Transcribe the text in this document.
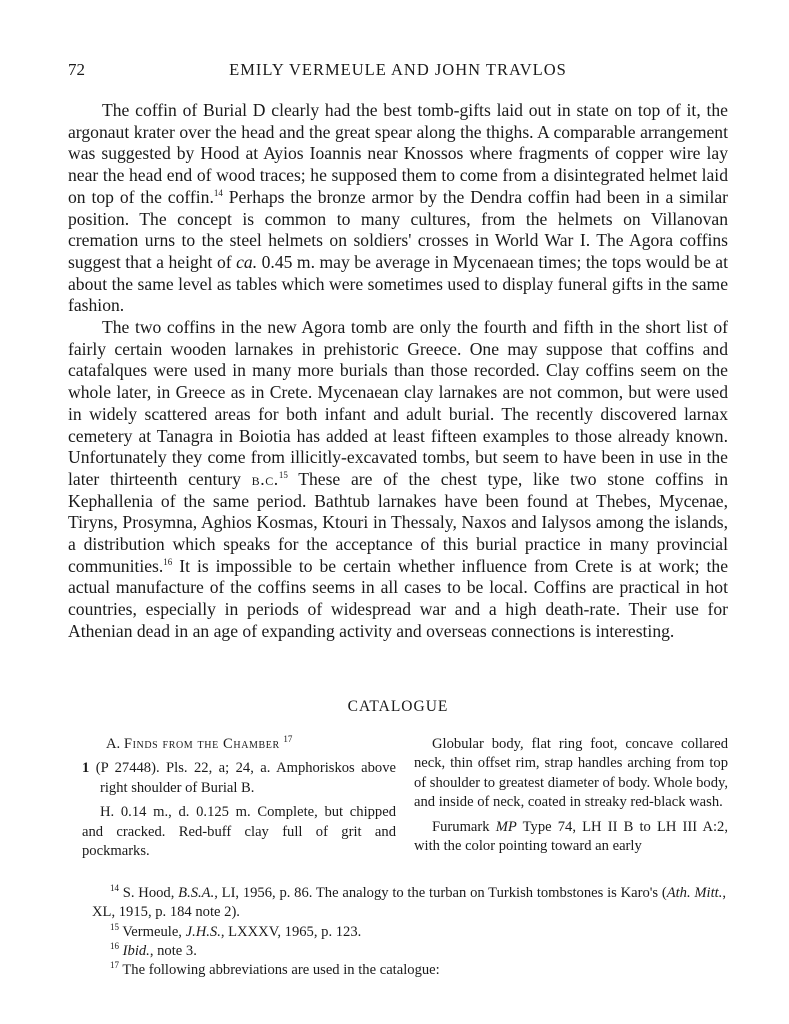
72	EMILY VERMEULE AND JOHN TRAVLOS

The coffin of Burial D clearly had the best tomb-gifts laid out in state on top of it, the argonaut krater over the head and the great spear along the thighs. A comparable arrangement was suggested by Hood at Ayios Ioannis near Knossos where fragments of copper wire lay near the head end of wood traces; he supposed them to come from a disintegrated helmet laid on top of the coffin.$^{14}$ Perhaps the bronze armor by the Dendra coffin had been in a similar position. The concept is common to many cultures, from the helmets on Villanovan cremation urns to the steel helmets on soldiers' crosses in World War I. The Agora coffins suggest that a height of ca. 0.45 m. may be average in Mycenaean times; the tops would be at about the same level as tables which were sometimes used to display funeral gifts in the same fashion.

The two coffins in the new Agora tomb are only the fourth and fifth in the short list of fairly certain wooden larnakes in prehistoric Greece. One may suppose that coffins and catafalques were used in many more burials than those recorded. Clay coffins seem on the whole later, in Greece as in Crete. Mycenaean clay larnakes are not common, but were used in widely scattered areas for both infant and adult burial. The recently discovered larnax cemetery at Tanagra in Boiotia has added at least fifteen examples to those already known. Unfortunately they come from illicitly-excavated tombs, but seem to have been in use in the later thirteenth century b.c.$^{15}$ These are of the chest type, like two stone coffins in Kephallenia of the same period. Bathtub larnakes have been found at Thebes, Mycenae, Tiryns, Prosymna, Aghios Kosmas, Ktouri in Thessaly, Naxos and Ialysos among the islands, a distribution which speaks for the acceptance of this burial practice in many provincial communities.$^{16}$ It is impossible to be certain whether influence from Crete is at work; the actual manufacture of the coffins seems in all cases to be local. Coffins are practical in hot countries, especially in periods of widespread war and a high death-rate. Their use for Athenian dead in an age of expanding activity and overseas connections is interesting.

CATALOGUE

A. Finds from the Chamber $^{17}$

1 (P 27448). Pls. 22, a; 24, a. Amphoriskos above right shoulder of Burial B.

H. 0.14 m., d. 0.125 m. Complete, but chipped and cracked. Red-buff clay full of grit and pockmarks.

Globular body, flat ring foot, concave collared neck, thin offset rim, strap handles arching from top of shoulder to greatest diameter of body. Whole body, and inside of neck, coated in streaky red-black wash.

Furumark MP Type 74, LH II B to LH III A:2, with the color pointing toward an early

$^{14}$ S. Hood, B.S.A., LI, 1956, p. 86. The analogy to the turban on Turkish tombstones is Karo's (Ath. Mitt., XL, 1915, p. 184 note 2).

$^{15}$ Vermeule, J.H.S., LXXXV, 1965, p. 123.

$^{16}$ Ibid., note 3.

$^{17}$ The following abbreviations are used in the catalogue:
